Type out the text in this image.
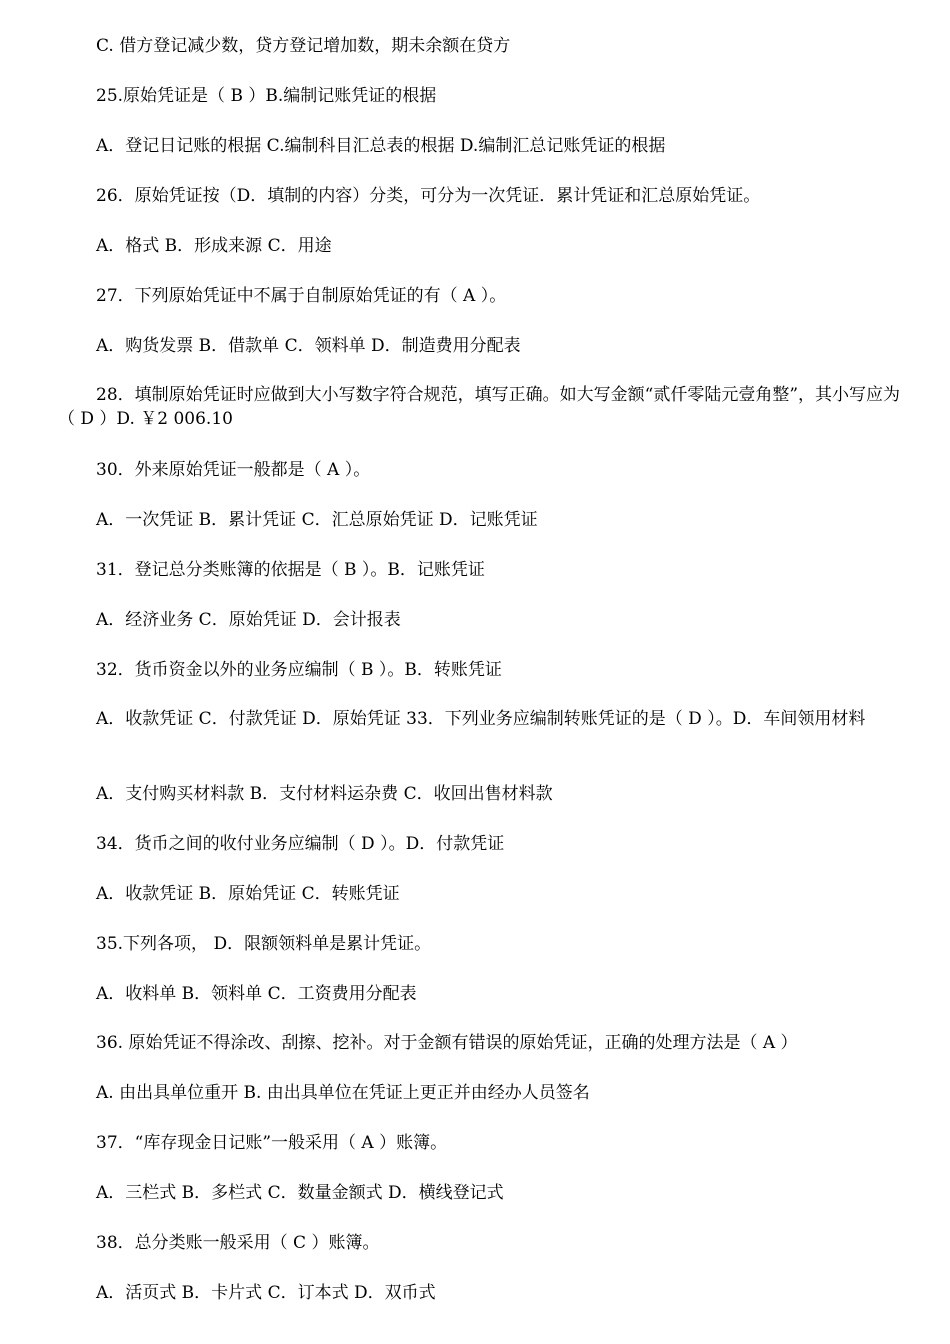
C. 借方登记减少数，贷方登记增加数，期未余额在贷方
25.原始凭证是（ B ）B.编制记账凭证的根据
A．登记日记账的根据 C.编制科目汇总表的根据 D.编制汇总记账凭证的根据
26．原始凭证按（D．填制的内容）分类，可分为一次凭证．累计凭证和汇总原始凭证。
A．格式 B．形成来源 C．用途
27．下列原始凭证中不属于自制原始凭证的有（ A ）。
A．购货发票 B．借款单 C．领料单 D．制造费用分配表
28．填制原始凭证时应做到大小写数字符合规范，填写正确。如大写金额“贰仟零陆元壹角整”，其小写应为（ D ）D. ￥2 006.10
30．外来原始凭证一般都是（ A ）。
A．一次凭证 B．累计凭证 C．汇总原始凭证 D．记账凭证
31．登记总分类账簿的依据是（ B ）。B．记账凭证
A．经济业务 C．原始凭证 D．会计报表
32．货币资金以外的业务应编制（ B ）。B．转账凭证
A．收款凭证 C．付款凭证 D．原始凭证 33．下列业务应编制转账凭证的是（ D ）。D．车间领用材料
A．支付购买材料款 B．支付材料运杂费 C．收回出售材料款
34．货币之间的收付业务应编制（ D ）。D．付款凭证
A．收款凭证 B．原始凭证 C．转账凭证
35.下列各项， D．限额领料单是累计凭证。
A．收料单 B．领料单 C．工资费用分配表
36. 原始凭证不得涂改、刮擦、挖补。对于金额有错误的原始凭证，正确的处理方法是（ A ）
A. 由出具单位重开 B. 由出具单位在凭证上更正并由经办人员签名
37．“库存现金日记账”一般采用（ A ）账簿。
A．三栏式 B．多栏式 C．数量金额式 D．横线登记式
38．总分类账一般采用（ C ）账簿。
A．活页式 B．卡片式 C．订本式 D．双币式
